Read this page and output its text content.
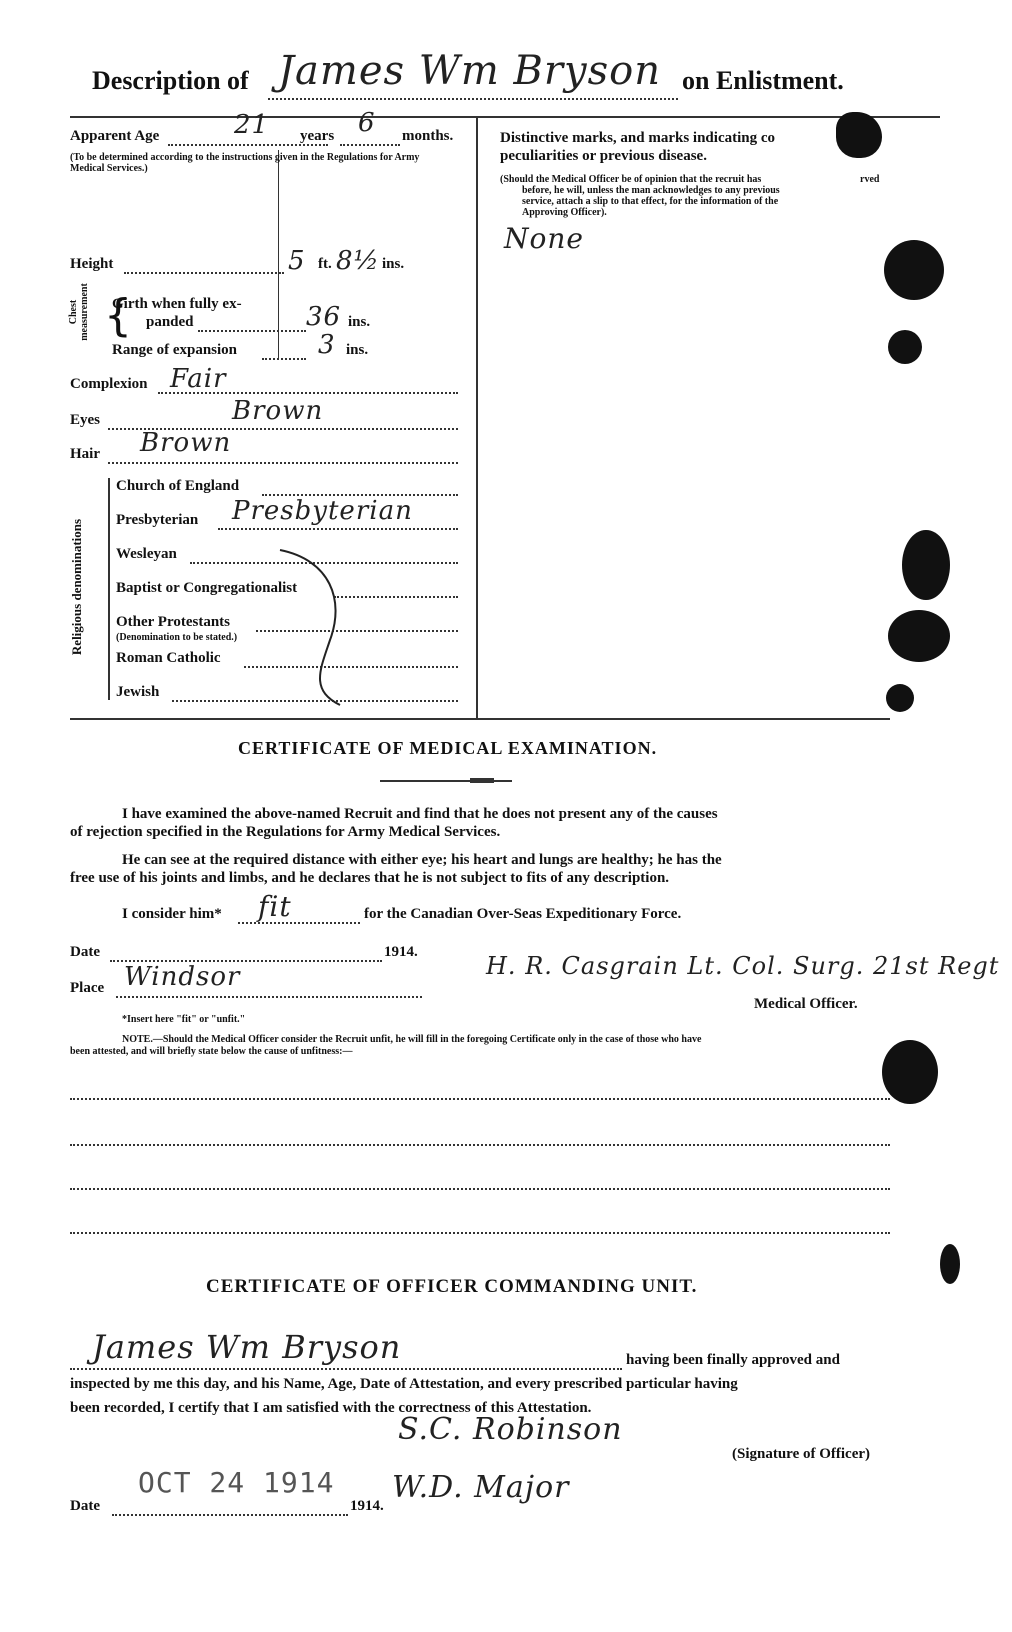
Description of James Wm Bryson on Enlistment.
Apparent Age	21 years 6 months.
(To be determined according to the instructions given in the Regulations for Army Medical Services.)
Height	5 ft. 8½ ins.
Chest measurement {
Girth when fully ex-
panded	36 ins.
Range of expansion	3 ins.
Complexion Fair
Eyes	Brown
Hair Brown
Religious denominations
Church of England
Presbyterian Presbyterian
Wesleyan
Baptist or Congregationalist
Other Protestants
(Denomination to be stated.)
Roman Catholic
Jewish
Distinctive marks, and marks indicating co
peculiarities or previous disease.
(Should the Medical Officer be of opinion that the recruit has	rved
before, he will, unless the man acknowledges to any previous
service, attach a slip to that effect, for the information of the
Approving Officer).
None
CERTIFICATE OF MEDICAL EXAMINATION.
I have examined the above-named Recruit and find that he does not present any of the causes
of rejection specified in the Regulations for Army Medical Services.
He can see at the required distance with either eye; his heart and lungs are healthy; he has the
free use of his joints and limbs, and he declares that he is not subject to fits of any description.
I consider him* fit	for the Canadian Over-Seas Expeditionary Force.
Date	1914.
Place Windsor	H. R. Casgrain Lt. Col. Surg. 21st Regt
Medical Officer.
*Insert here "fit" or "unfit."
NOTE.—Should the Medical Officer consider the Recruit unfit, he will fill in the foregoing Certificate only in the case of those who have
been attested, and will briefly state below the cause of unfitness:—
CERTIFICATE OF OFFICER COMMANDING UNIT.
James Wm Bryson	having been finally approved and
inspected by me this day, and his Name, Age, Date of Attestation, and every prescribed particular having
been recorded, I certify that I am satisfied with the correctness of this Attestation.
S.C. Robinson
(Signature of Officer)
W.D. Major
OCT 24 1914
Date	1914.
